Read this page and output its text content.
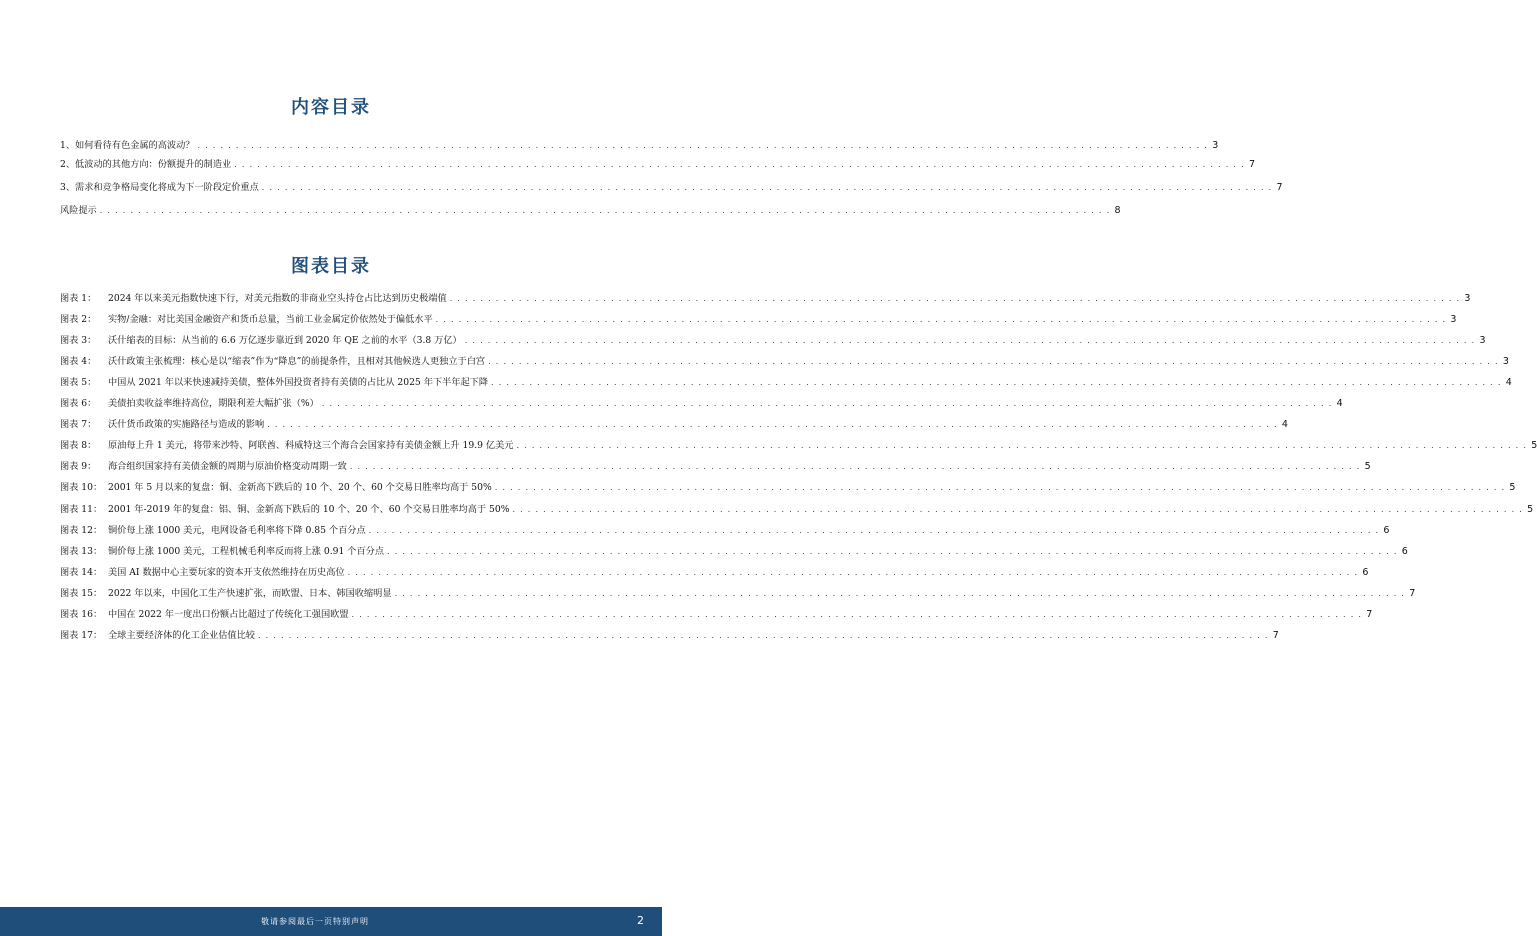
内容目录
1、如何看待有色金属的高波动？ . . . . . . . . . . . . . . . . . . . . . . . . . . . . . . . . . . . . . . . . . . . . . . . . . . . . . . . . . . . . . . . . . . . . . . . . . . . . . . . . . . . . . . . . . . . . . . . . . . . . . . . . . . . . . . . . . . . . . . . . . . . . . . . . . . . . 3
2、低波动的其他方向：份额提升的制造业 . . . . . . . . . . . . . . . . . . . . . . . . . . . . . . . . . . . . . . . . . . . . . . . . . . . . . . . . . . . . . . . . . . . . . . . . . . . . . . . . . . . . . . . . . . . . . . . . . . . . . . . . . . . . . . . . . . . . . . . . . . . . . . . . . . . . 7
3、需求和竞争格局变化将成为下一阶段定价重点 . . . . . . . . . . . . . . . . . . . . . . . . . . . . . . . . . . . . . . . . . . . . . . . . . . . . . . . . . . . . . . . . . . . . . . . . . . . . . . . . . . . . . . . . . . . . . . . . . . . . . . . . . . . . . . . . . . . . . . . . . . . . . . . . . . . . 7
风险提示 . . . . . . . . . . . . . . . . . . . . . . . . . . . . . . . . . . . . . . . . . . . . . . . . . . . . . . . . . . . . . . . . . . . . . . . . . . . . . . . . . . . . . . . . . . . . . . . . . . . . . . . . . . . . . . . . . . . . . . . . . . . . . . . . . . . . 8
图表目录
图表 1：	2024 年以来美元指数快速下行，对美元指数的非商业空头持仓占比达到历史极端值 . . . . . . . . . . . . . . . . . . . . . . . . . . . . . . . . . . . . . . . . . . . . . . . . . . . . . . . . . . . . . . . . . . . . . . . . . . . . . . . . . . . . . . . . . . . . . . . . . . . . . . . . . . . . . . . . . . . . . . . . . . . . . . . . . . . . 3
图表 2：	实物/金融：对比美国金融资产和货币总量，当前工业金属定价依然处于偏低水平 . . . . . . . . . . . . . . . . . . . . . . . . . . . . . . . . . . . . . . . . . . . . . . . . . . . . . . . . . . . . . . . . . . . . . . . . . . . . . . . . . . . . . . . . . . . . . . . . . . . . . . . . . . . . . . . . . . . . . . . . . . . . . . . . . . . . 3
图表 3：	沃什缩表的目标：从当前的 6.6 万亿逐步靠近到 2020 年 QE 之前的水平（3.8 万亿） . . . . . . . . . . . . . . . . . . . . . . . . . . . . . . . . . . . . . . . . . . . . . . . . . . . . . . . . . . . . . . . . . . . . . . . . . . . . . . . . . . . . . . . . . . . . . . . . . . . . . . . . . . . . . . . . . . . . . . . . . . . . . . . . . . . . 3
图表 4：	沃什政策主张梳理：核心是以“缩表”作为“降息”的前提条件，且相对其他候选人更独立于白宫 . . . . . . . . . . . . . . . . . . . . . . . . . . . . . . . . . . . . . . . . . . . . . . . . . . . . . . . . . . . . . . . . . . . . . . . . . . . . . . . . . . . . . . . . . . . . . . . . . . . . . . . . . . . . . . . . . . . . . . . . . . . . . . . . . . . . 3
图表 5：	中国从 2021 年以来快速减持美债，整体外国投资者持有美债的占比从 2025 年下半年起下降 . . . . . . . . . . . . . . . . . . . . . . . . . . . . . . . . . . . . . . . . . . . . . . . . . . . . . . . . . . . . . . . . . . . . . . . . . . . . . . . . . . . . . . . . . . . . . . . . . . . . . . . . . . . . . . . . . . . . . . . . . . . . . . . . . . . . 4
图表 6：	美债拍卖收益率维持高位，期限利差大幅扩张（%） . . . . . . . . . . . . . . . . . . . . . . . . . . . . . . . . . . . . . . . . . . . . . . . . . . . . . . . . . . . . . . . . . . . . . . . . . . . . . . . . . . . . . . . . . . . . . . . . . . . . . . . . . . . . . . . . . . . . . . . . . . . . . . . . . . . . 4
图表 7：	沃什货币政策的实施路径与造成的影响 . . . . . . . . . . . . . . . . . . . . . . . . . . . . . . . . . . . . . . . . . . . . . . . . . . . . . . . . . . . . . . . . . . . . . . . . . . . . . . . . . . . . . . . . . . . . . . . . . . . . . . . . . . . . . . . . . . . . . . . . . . . . . . . . . . . . 4
图表 8：	原油每上升 1 美元，将带来沙特、阿联酋、科威特这三个海合会国家持有美债金额上升 19.9 亿美元 . . . . . . . . . . . . . . . . . . . . . . . . . . . . . . . . . . . . . . . . . . . . . . . . . . . . . . . . . . . . . . . . . . . . . . . . . . . . . . . . . . . . . . . . . . . . . . . . . . . . . . . . . . . . . . . . . . . . . . . . . . . . . . . . . . . . 5
图表 9：	海合组织国家持有美债金额的周期与原油价格变动周期一致 . . . . . . . . . . . . . . . . . . . . . . . . . . . . . . . . . . . . . . . . . . . . . . . . . . . . . . . . . . . . . . . . . . . . . . . . . . . . . . . . . . . . . . . . . . . . . . . . . . . . . . . . . . . . . . . . . . . . . . . . . . . . . . . . . . . . 5
图表 10： 2001 年 5 月以来的复盘：铜、金新高下跌后的 10 个、20 个、60 个交易日胜率均高于 50% . . . . . . . . . . . . . . . . . . . . . . . . . . . . . . . . . . . . . . . . . . . . . . . . . . . . . . . . . . . . . . . . . . . . . . . . . . . . . . . . . . . . . . . . . . . . . . . . . . . . . . . . . . . . . . . . . . . . . . . . . . . . . . . . . . . . 5
图表 11： 2001 年-2019 年的复盘：铝、铜、金新高下跌后的 10 个、20 个、60 个交易日胜率均高于 50% . . . . . . . . . . . . . . . . . . . . . . . . . . . . . . . . . . . . . . . . . . . . . . . . . . . . . . . . . . . . . . . . . . . . . . . . . . . . . . . . . . . . . . . . . . . . . . . . . . . . . . . . . . . . . . . . . . . . . . . . . . . . . . . . . . . . 5
图表 12： 铜价每上涨 1000 美元，电网设备毛利率将下降 0.85 个百分点 . . . . . . . . . . . . . . . . . . . . . . . . . . . . . . . . . . . . . . . . . . . . . . . . . . . . . . . . . . . . . . . . . . . . . . . . . . . . . . . . . . . . . . . . . . . . . . . . . . . . . . . . . . . . . . . . . . . . . . . . . . . . . . . . . . . . 6
图表 13： 铜价每上涨 1000 美元，工程机械毛利率反而将上涨 0.91 个百分点 . . . . . . . . . . . . . . . . . . . . . . . . . . . . . . . . . . . . . . . . . . . . . . . . . . . . . . . . . . . . . . . . . . . . . . . . . . . . . . . . . . . . . . . . . . . . . . . . . . . . . . . . . . . . . . . . . . . . . . . . . . . . . . . . . . . . 6
图表 14： 美国 AI 数据中心主要玩家的资本开支依然维持在历史高位 . . . . . . . . . . . . . . . . . . . . . . . . . . . . . . . . . . . . . . . . . . . . . . . . . . . . . . . . . . . . . . . . . . . . . . . . . . . . . . . . . . . . . . . . . . . . . . . . . . . . . . . . . . . . . . . . . . . . . . . . . . . . . . . . . . . . 6
图表 15： 2022 年以来，中国化工生产快速扩张，而欧盟、日本、韩国收缩明显 . . . . . . . . . . . . . . . . . . . . . . . . . . . . . . . . . . . . . . . . . . . . . . . . . . . . . . . . . . . . . . . . . . . . . . . . . . . . . . . . . . . . . . . . . . . . . . . . . . . . . . . . . . . . . . . . . . . . . . . . . . . . . . . . . . . . 7
图表 16： 中国在 2022 年一度出口份额占比超过了传统化工强国欧盟 . . . . . . . . . . . . . . . . . . . . . . . . . . . . . . . . . . . . . . . . . . . . . . . . . . . . . . . . . . . . . . . . . . . . . . . . . . . . . . . . . . . . . . . . . . . . . . . . . . . . . . . . . . . . . . . . . . . . . . . . . . . . . . . . . . . . 7
图表 17： 全球主要经济体的化工企业估值比较 . . . . . . . . . . . . . . . . . . . . . . . . . . . . . . . . . . . . . . . . . . . . . . . . . . . . . . . . . . . . . . . . . . . . . . . . . . . . . . . . . . . . . . . . . . . . . . . . . . . . . . . . . . . . . . . . . . . . . . . . . . . . . . . . . . . . 7
敬请参阅最后一页特别声明	2
